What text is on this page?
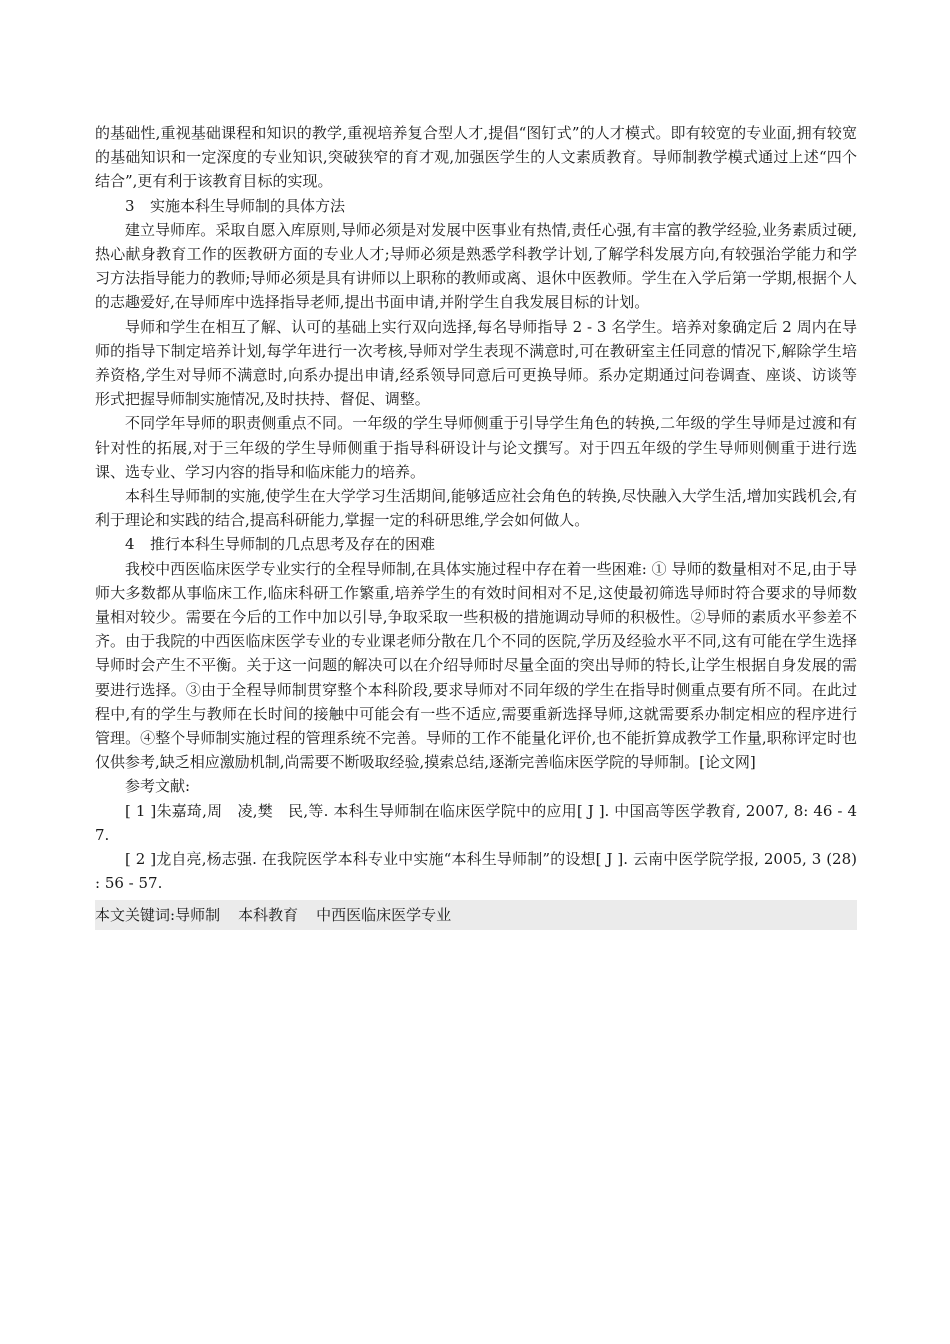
的基础性,重视基础课程和知识的教学,重视培养复合型人才,提倡“图钉式”的人才模式。即有较宽的专业面,拥有较宽的基础知识和一定深度的专业知识,突破狭窄的育才观,加强医学生的人文素质教育。导师制教学模式通过上述“四个结合”,更有利于该教育目标的实现。

3 实施本科生导师制的具体方法

建立导师库。采取自愿入库原则,导师必须是对发展中医事业有热情,责任心强,有丰富的教学经验,业务素质过硬,热心献身教育工作的医教研方面的专业人才;导师必须是熟悉学科教学计划,了解学科发展方向,有较强治学能力和学习方法指导能力的教师;导师必须是具有讲师以上职称的教师或离、退休中医教师。学生在入学后第一学期,根据个人的志趣爱好,在导师库中选择指导老师,提出书面申请,并附学生自我发展目标的计划。

导师和学生在相互了解、认可的基础上实行双向选择,每名导师指导 2 - 3 名学生。培养对象确定后 2 周内在导师的指导下制定培养计划,每学年进行一次考核,导师对学生表现不满意时,可在教研室主任同意的情况下,解除学生培养资格,学生对导师不满意时,向系办提出申请,经系领导同意后可更换导师。系办定期通过问卷调查、座谈、访谈等形式把握导师制实施情况,及时扶持、督促、调整。

不同学年导师的职责侧重点不同。一年级的学生导师侧重于引导学生角色的转换,二年级的学生导师是过渡和有针对性的拓展,对于三年级的学生导师侧重于指导科研设计与论文撰写。对于四五年级的学生导师则侧重于进行选课、选专业、学习内容的指导和临床能力的培养。

本科生导师制的实施,使学生在大学学习生活期间,能够适应社会角色的转换,尽快融入大学生活,增加实践机会,有利于理论和实践的结合,提高科研能力,掌握一定的科研思维,学会如何做人。

4 推行本科生导师制的几点思考及存在的困难

我校中西医临床医学专业实行的全程导师制,在具体实施过程中存在着一些困难: ① 导师的数量相对不足,由于导师大多数都从事临床工作,临床科研工作繁重,培养学生的有效时间相对不足,这使最初筛选导师时符合要求的导师数量相对较少。需要在今后的工作中加以引导,争取采取一些积极的措施调动导师的积极性。②导师的素质水平参差不齐。由于我院的中西医临床医学专业的专业课老师分散在几个不同的医院,学历及经验水平不同,这有可能在学生选择导师时会产生不平衡。关于这一问题的解决可以在介绍导师时尽量全面的突出导师的特长,让学生根据自身发展的需要进行选择。③由于全程导师制贯穿整个本科阶段,要求导师对不同年级的学生在指导时侧重点要有所不同。在此过程中,有的学生与教师在长时间的接触中可能会有一些不适应,需要重新选择导师,这就需要系办制定相应的程序进行管理。④整个导师制实施过程的管理系统不完善。导师的工作不能量化评价,也不能折算成教学工作量,职称评定时也仅供参考,缺乏相应激励机制,尚需要不断吸取经验,摸索总结,逐渐完善临床医学院的导师制。[论文网]

参考文献:

[ 1 ]朱嘉琦,周　凌,樊　民,等. 本科生导师制在临床医学院中的应用[ J ]. 中国高等医学教育, 2007, 8: 46 - 47.

[ 2 ]龙自亮,杨志强. 在我院医学本科专业中实施“本科生导师制”的设想[ J ]. 云南中医学院学报, 2005, 3 (28) : 56 - 57.

本文关键词: 导师制 本科教育 中西医临床医学专业
